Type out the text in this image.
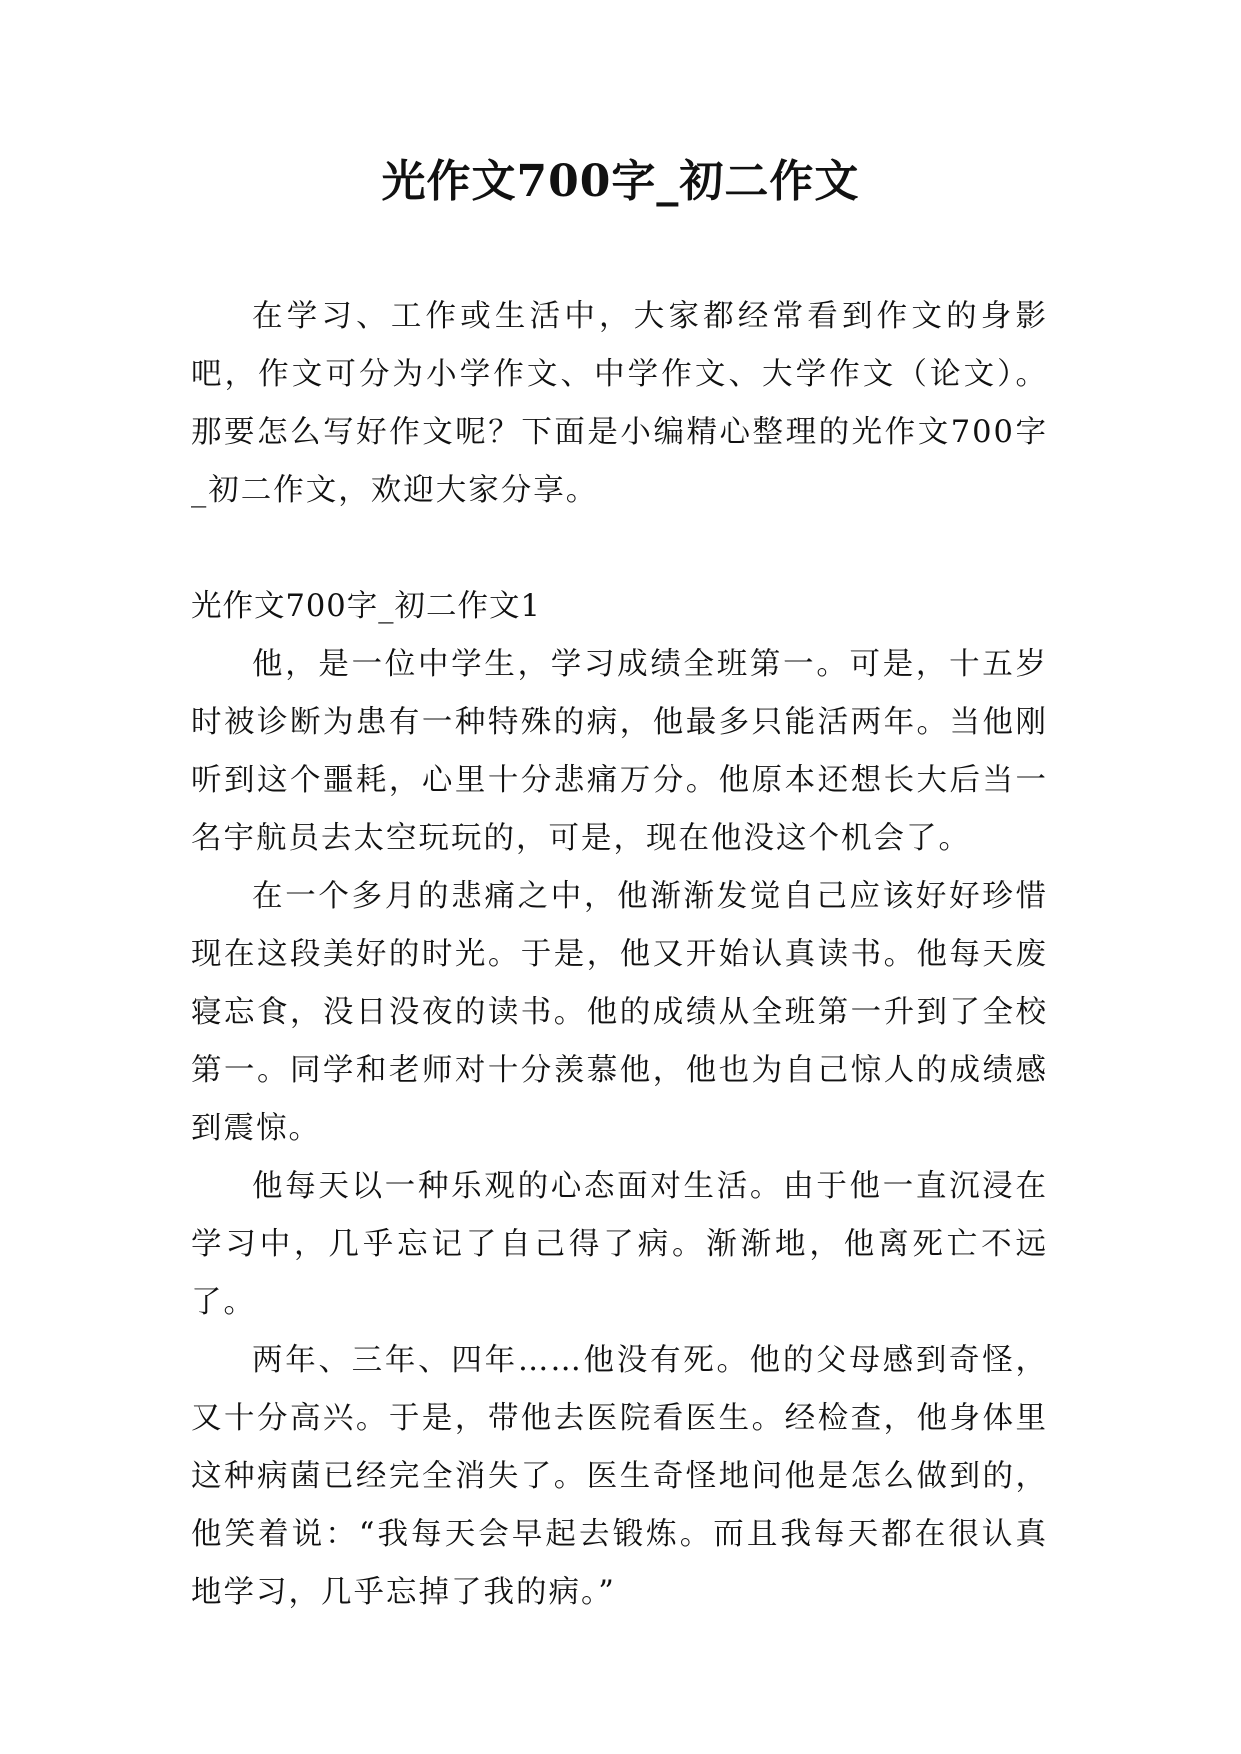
光作文700字_初二作文

在学习、工作或生活中，大家都经常看到作文的身影吧，作文可分为小学作文、中学作文、大学作文（论文）。那要怎么写好作文呢？下面是小编精心整理的光作文700字_初二作文，欢迎大家分享。

光作文700字_初二作文1

他，是一位中学生，学习成绩全班第一。可是，十五岁时被诊断为患有一种特殊的病，他最多只能活两年。当他刚听到这个噩耗，心里十分悲痛万分。他原本还想长大后当一名宇航员去太空玩玩的，可是，现在他没这个机会了。

在一个多月的悲痛之中，他渐渐发觉自己应该好好珍惜现在这段美好的时光。于是，他又开始认真读书。他每天废寝忘食，没日没夜的读书。他的成绩从全班第一升到了全校第一。同学和老师对十分羡慕他，他也为自己惊人的成绩感到震惊。

他每天以一种乐观的心态面对生活。由于他一直沉浸在学习中，几乎忘记了自己得了病。渐渐地，他离死亡不远了。

两年、三年、四年……他没有死。他的父母感到奇怪，又十分高兴。于是，带他去医院看医生。经检查，他身体里这种病菌已经完全消失了。医生奇怪地问他是怎么做到的，他笑着说：“我每天会早起去锻炼。而且我每天都在很认真地学习，几乎忘掉了我的病。”
